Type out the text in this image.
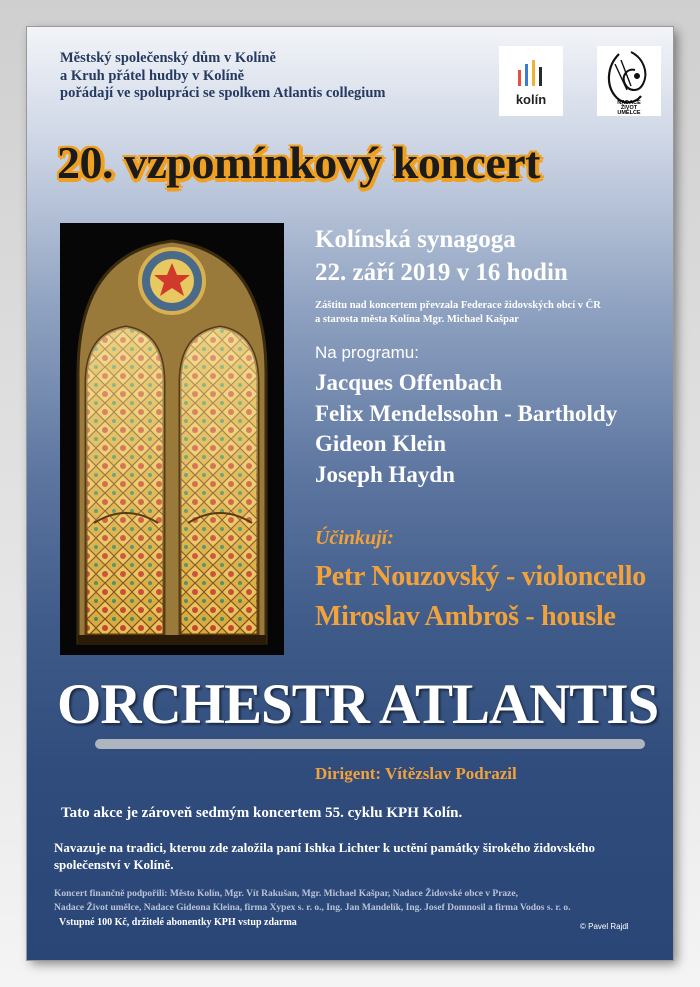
Městský společenský dům v Kolíně
a Kruh přátel hudby v Kolíně
pořádají ve spolupráci se spolkem Atlantis collegium	kolín	NADACE
ŽIVOT
UMĚLCE
20. vzpomínkový koncert
Kolínská synagoga
22. září 2019 v 16 hodin
Záštitu nad koncertem převzala Federace židovských obcí v ČR
a starosta města Kolína Mgr. Michael Kašpar
Na programu:
Jacques Offenbach
Felix Mendelssohn - Bartholdy
Gideon Klein
Joseph Haydn
Účinkují:
Petr Nouzovský - violoncello
Miroslav Ambroš - housle
ORCHESTR ATLANTIS
Dirigent: Vítězslav Podrazil
Tato akce je zároveň sedmým koncertem 55. cyklu KPH Kolín.
Navazuje na tradici, kterou zde založila paní Ishka Lichter k uctění památky širokého židovského společenství v Kolíně.
Koncert finančně podpořili: Město Kolín, Mgr. Vít Rakušan, Mgr. Michael Kašpar, Nadace Židovské obce v Praze,
Nadace Život umělce, Nadace Gideona Kleina, firma Xypex s. r. o., Ing. Jan Mandelík, Ing. Josef Domnosil a firma Vodos s. r. o.
Vstupné 100 Kč, držitelé abonentky KPH vstup zdarma	© Pavel Rajdl
